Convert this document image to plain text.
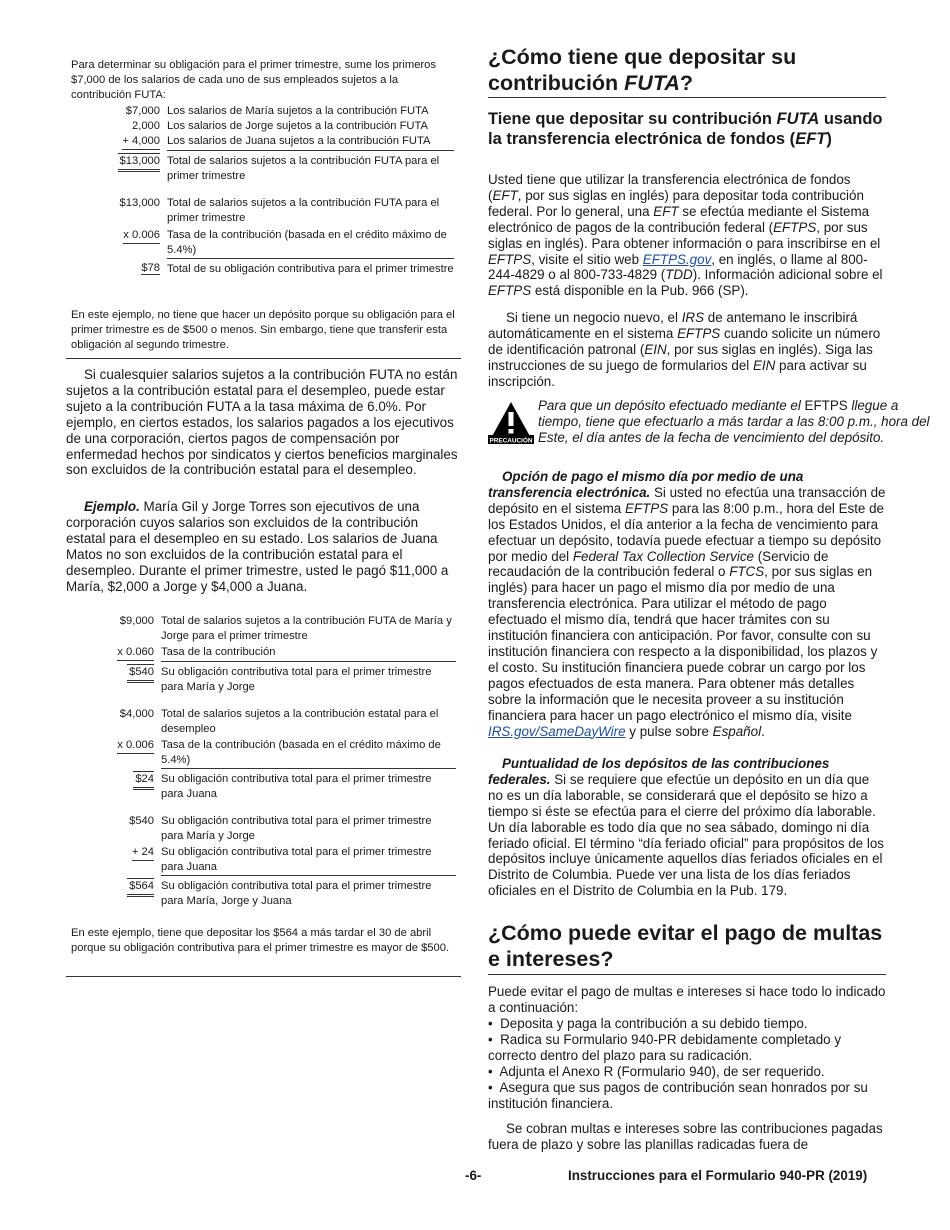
Para determinar su obligación para el primer trimestre, sume los primeros $7,000 de los salarios de cada uno de sus empleados sujetos a la contribución FUTA:

$7,000	Los salarios de María sujetos a la contribución FUTA
2,000	Los salarios de Jorge sujetos a la contribución FUTA
+ 4,000	Los salarios de Juana sujetos a la contribución FUTA
$13,000	Total de salarios sujetos a la contribución FUTA para el primer trimestre

$13,000	Total de salarios sujetos a la contribución FUTA para el primer trimestre
x 0.006	Tasa de la contribución (basada en el crédito máximo de 5.4%)
$78	Total de su obligación contributiva para el primer trimestre

En este ejemplo, no tiene que hacer un depósito porque su obligación para el primer trimestre es de $500 o menos. Sin embargo, tiene que transferir esta obligación al segundo trimestre.

Si cualesquier salarios sujetos a la contribución FUTA no están sujetos a la contribución estatal para el desempleo, puede estar sujeto a la contribución FUTA a la tasa máxima de 6.0%. Por ejemplo, en ciertos estados, los salarios pagados a los ejecutivos de una corporación, ciertos pagos de compensación por enfermedad hechos por sindicatos y ciertos beneficios marginales son excluidos de la contribución estatal para el desempleo.

Ejemplo. María Gil y Jorge Torres son ejecutivos de una corporación cuyos salarios son excluidos de la contribución estatal para el desempleo en su estado. Los salarios de Juana Matos no son excluidos de la contribución estatal para el desempleo. Durante el primer trimestre, usted le pagó $11,000 a María, $2,000 a Jorge y $4,000 a Juana.

$9,000	Total de salarios sujetos a la contribución FUTA de María y Jorge para el primer trimestre
x 0.060	Tasa de la contribución
$540	Su obligación contributiva total para el primer trimestre para María y Jorge

$4,000	Total de salarios sujetos a la contribución estatal para el desempleo
x 0.006	Tasa de la contribución (basada en el crédito máximo de 5.4%)
$24	Su obligación contributiva total para el primer trimestre para Juana

$540	Su obligación contributiva total para el primer trimestre para María y Jorge
+ 24	Su obligación contributiva total para el primer trimestre para Juana
$564	Su obligación contributiva total para el primer trimestre para María, Jorge y Juana

En este ejemplo, tiene que depositar los $564 a más tardar el 30 de abril porque su obligación contributiva para el primer trimestre es mayor de $500.

¿Cómo tiene que depositar su contribución FUTA?
Tiene que depositar su contribución FUTA usando la transferencia electrónica de fondos (EFT)

Usted tiene que utilizar la transferencia electrónica de fondos (EFT, por sus siglas en inglés) para depositar toda contribución federal. Por lo general, una EFT se efectúa mediante el Sistema electrónico de pagos de la contribución federal (EFTPS, por sus siglas en inglés). Para obtener información o para inscribirse en el EFTPS, visite el sitio web EFTPS.gov, en inglés, o llame al 800-244-4829 o al 800-733-4829 (TDD). Información adicional sobre el EFTPS está disponible en la Pub. 966 (SP).

Si tiene un negocio nuevo, el IRS de antemano le inscribirá automáticamente en el sistema EFTPS cuando solicite un número de identificación patronal (EIN, por sus siglas en inglés). Siga las instrucciones de su juego de formularios del EIN para activar su inscripción.

PRECAUCIÓN
Para que un depósito efectuado mediante el EFTPS llegue a tiempo, tiene que efectuarlo a más tardar a las 8:00 p.m., hora del Este, el día antes de la fecha de vencimiento del depósito.

Opción de pago el mismo día por medio de una transferencia electrónica. Si usted no efectúa una transacción de depósito en el sistema EFTPS para las 8:00 p.m., hora del Este de los Estados Unidos, el día anterior a la fecha de vencimiento para efectuar un depósito, todavía puede efectuar a tiempo su depósito por medio del Federal Tax Collection Service (Servicio de recaudación de la contribución federal o FTCS, por sus siglas en inglés) para hacer un pago el mismo día por medio de una transferencia electrónica. Para utilizar el método de pago efectuado el mismo día, tendrá que hacer trámites con su institución financiera con anticipación. Por favor, consulte con su institución financiera con respecto a la disponibilidad, los plazos y el costo. Su institución financiera puede cobrar un cargo por los pagos efectuados de esta manera. Para obtener más detalles sobre la información que le necesita proveer a su institución financiera para hacer un pago electrónico el mismo día, visite IRS.gov/SameDayWire y pulse sobre Español.

Puntualidad de los depósitos de las contribuciones federales. Si se requiere que efectúe un depósito en un día que no es un día laborable, se considerará que el depósito se hizo a tiempo si éste se efectúa para el cierre del próximo día laborable. Un día laborable es todo día que no sea sábado, domingo ni día feriado oficial. El término “día feriado oficial” para propósitos de los depósitos incluye únicamente aquellos días feriados oficiales en el Distrito de Columbia. Puede ver una lista de los días feriados oficiales en el Distrito de Columbia en la Pub. 179.

¿Cómo puede evitar el pago de multas e intereses?

Puede evitar el pago de multas e intereses si hace todo lo indicado a continuación:

•  Deposita y paga la contribución a su debido tiempo.
•  Radica su Formulario 940-PR debidamente completado y correcto dentro del plazo para su radicación.
•  Adjunta el Anexo R (Formulario 940), de ser requerido.
•  Asegura que sus pagos de contribución sean honrados por su institución financiera.

Se cobran multas e intereses sobre las contribuciones pagadas fuera de plazo y sobre las planillas radicadas fuera de

-6-	Instrucciones para el Formulario 940-PR (2019)
